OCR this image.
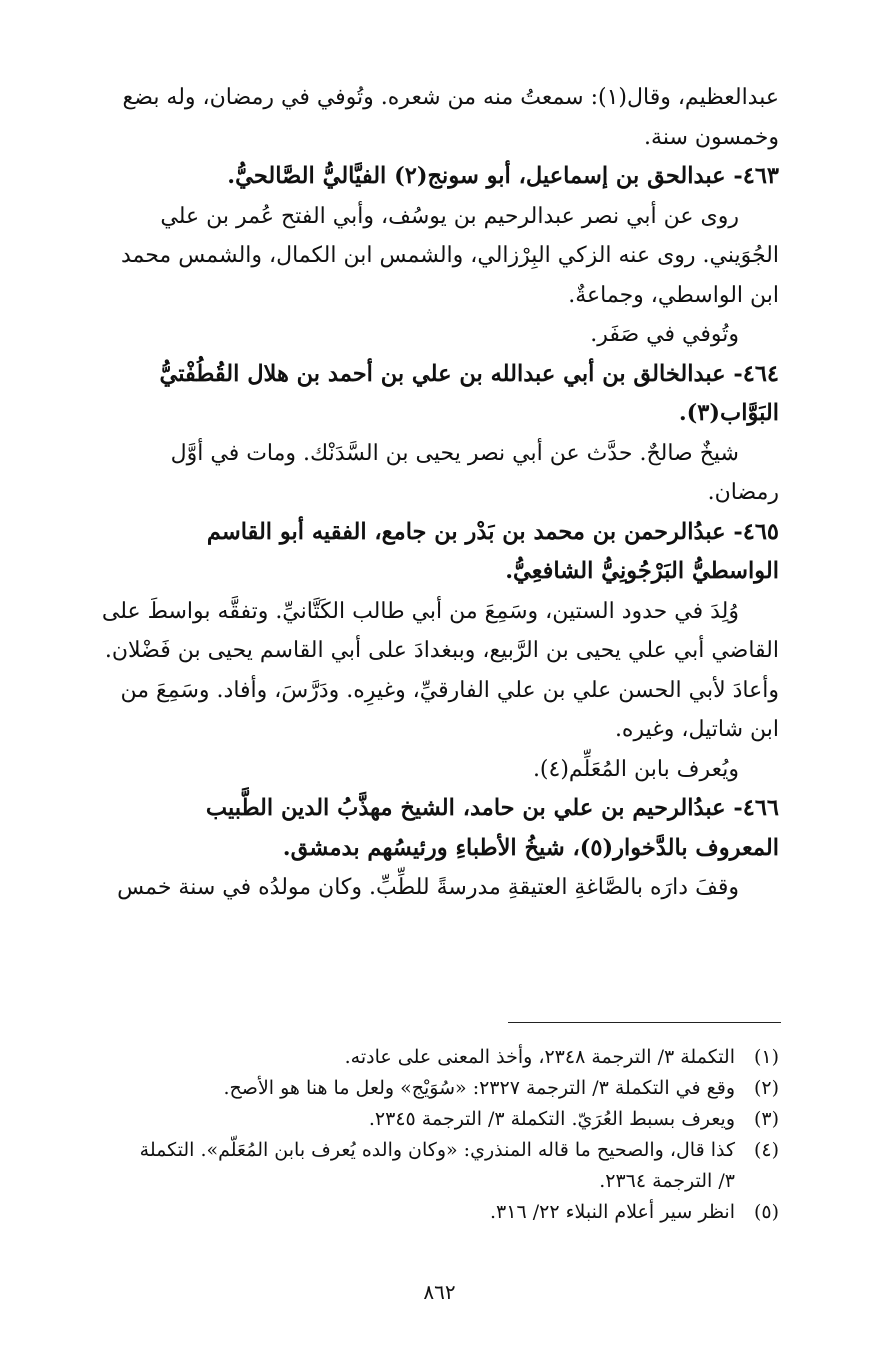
عبدالعظيم، وقال(١): سمعتُ منه من شعره. وتُوفي في رمضان، وله بضع
وخمسون سنة.
٤٦٣- عبدالحق بن إسماعيل، أبو سونج(٢) الفيَّاليُّ الصَّالحيُّ.
روى عن أبي نصر عبدالرحيم بن يوسُف، وأبي الفتح عُمر بن علي
الجُوَيني. روى عنه الزكي البِرْزالي، والشمس ابن الكمال، والشمس محمد
ابن الواسطي، وجماعةٌ.
وتُوفي في صَفَر.
٤٦٤- عبدالخالق بن أبي عبدالله بن علي بن أحمد بن هلال القُطُفْتيُّ
البَوَّاب(٣).
شيخٌ صالحٌ. حدَّث عن أبي نصر يحيى بن السَّدَنْك. ومات في أوَّل
رمضان.
٤٦٥- عبدُالرحمن بن محمد بن بَدْر بن جامع، الفقيه أبو القاسم
الواسطيُّ البَرْجُونِيُّ الشافعِيُّ.
وُلِدَ في حدود الستين، وسَمِعَ من أبي طالب الكَتَّانيِّ. وتفقَّه بواسطَ على
القاضي أبي علي يحيى بن الرَّبيع، وببغدادَ على أبي القاسم يحيى بن فَضْلان.
وأعادَ لأبي الحسن علي بن علي الفارقيِّ، وغيرِه. ودَرَّسَ، وأفاد. وسَمِعَ من
ابن شاتيل، وغيره.
ويُعرف بابن المُعَلِّم(٤).
٤٦٦- عبدُالرحيم بن علي بن حامد، الشيخ مهذَّبُ الدين الطَّبيب
المعروف بالدَّخوار(٥)، شيخُ الأطباءِ ورئيسُهم بدمشق.
وقفَ دارَه بالصَّاغةِ العتيقةِ مدرسةً للطِّبِّ. وكان مولدُه في سنة خمس
(١)
التكملة ٣/ الترجمة ٢٣٤٨، وأخذ المعنى على عادته.
(٢)
وقع في التكملة ٣/ الترجمة ٢٣٢٧: «سُوَيْج» ولعل ما هنا هو الأصح.
(٣)
ويعرف بسبط العُرَيّ. التكملة ٣/ الترجمة ٢٣٤٥.
(٤)
كذا قال، والصحيح ما قاله المنذري: «وكان والده يُعرف بابن المُعَلّم». التكملة
٣/ الترجمة ٢٣٦٤.
(٥)
انظر سير أعلام النبلاء ٢٢/ ٣١٦.
٨٦٢
